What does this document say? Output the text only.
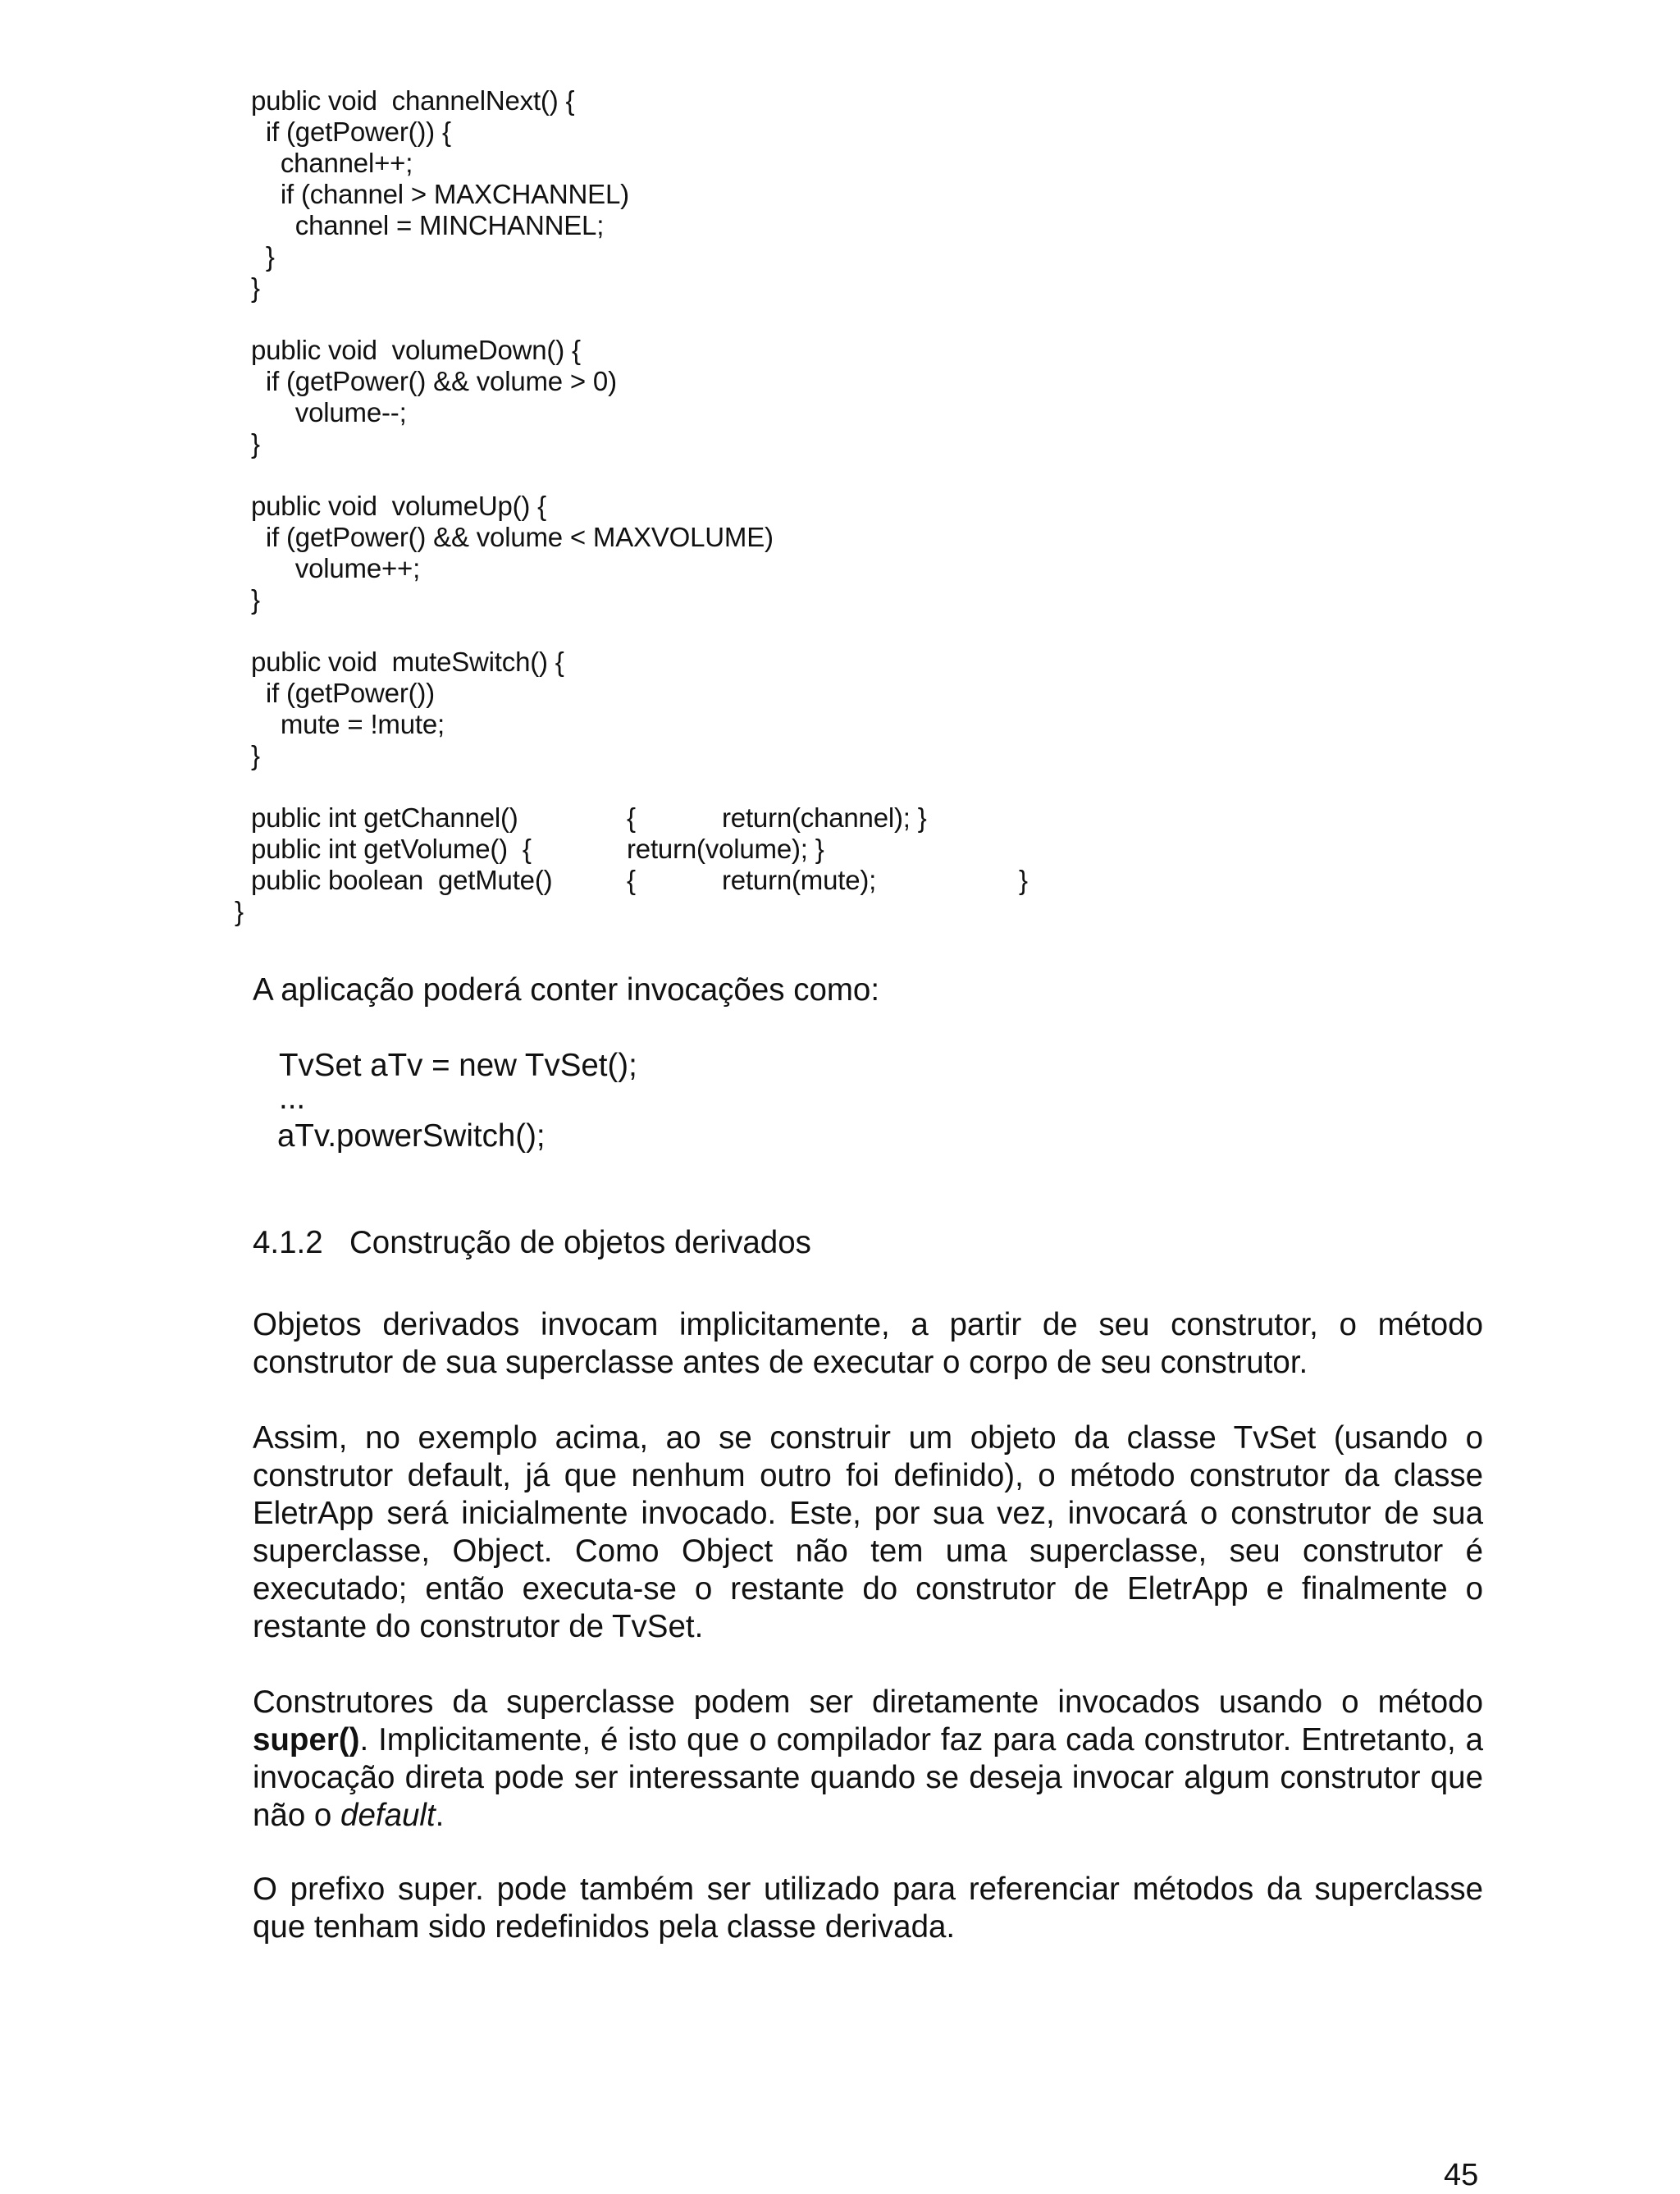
public void  channelNext() {
if (getPower()) {
channel++;
if (channel > MAXCHANNEL)
channel = MINCHANNEL;
}
}
public void  volumeDown() {
if (getPower() && volume > 0)
volume--;
}
public void  volumeUp() {
if (getPower() && volume < MAXVOLUME)
volume++;
}
public void  muteSwitch() {
if (getPower())
mute = !mute;
}
public int getChannel()	{	return(channel); }
public int getVolume()  {	return(volume); }
public boolean  getMute()	{	return(mute);	}
}
A aplicação poderá conter invocações como:
TvSet aTv = new TvSet();
...
aTv.powerSwitch();
4.1.2 Construção de objetos derivados
Objetos derivados invocam implicitamente, a partir de seu construtor, o método construtor de sua superclasse antes de executar o corpo de seu construtor.
Assim, no exemplo acima, ao se construir um objeto da classe TvSet (usando o construtor default, já que nenhum outro foi definido), o método construtor da classe EletrApp será inicialmente invocado. Este, por sua vez, invocará o construtor de sua superclasse, Object. Como Object não tem uma superclasse, seu construtor é executado; então executa-se o restante do construtor de EletrApp e finalmente o restante do construtor de TvSet.
Construtores da superclasse podem ser diretamente invocados usando o método super(). Implicitamente, é isto que o compilador faz para cada construtor. Entretanto, a invocação direta pode ser interessante quando se deseja invocar algum construtor que não o default.
O prefixo super. pode também ser utilizado para referenciar métodos da superclasse que tenham sido redefinidos pela classe derivada.
45
